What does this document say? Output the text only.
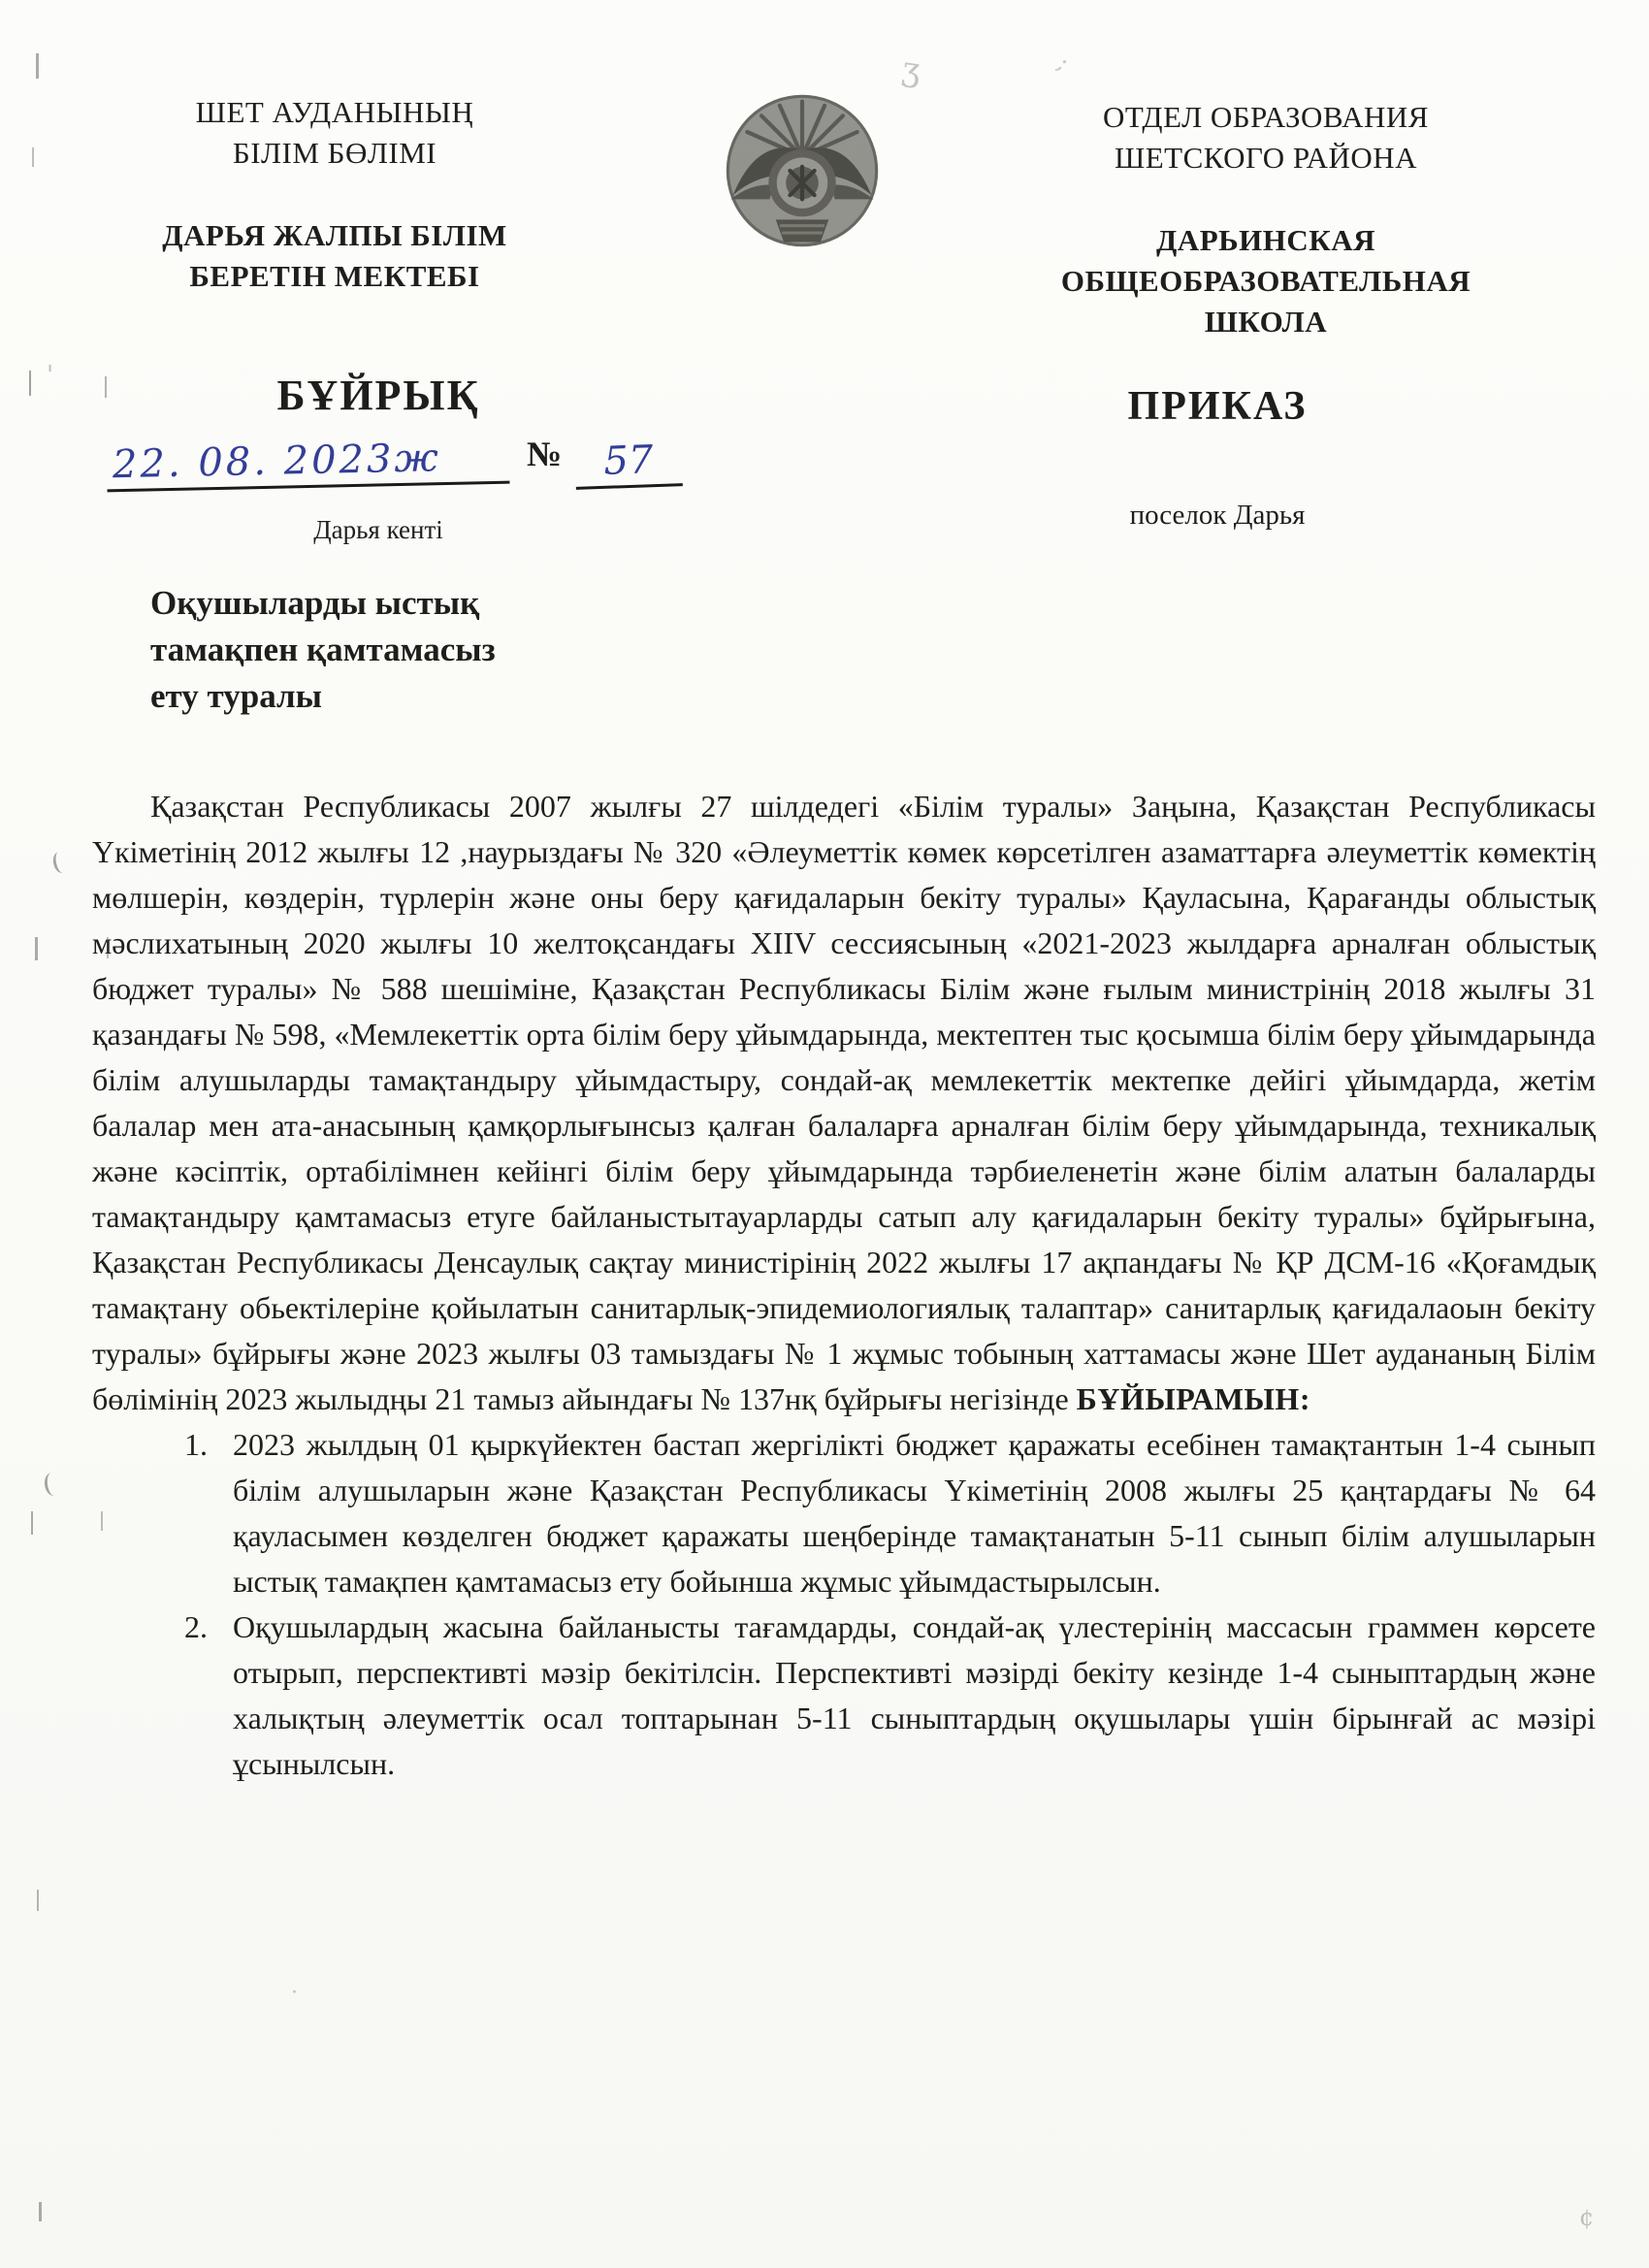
ШЕТ АУДАНЫНЫҢ
БІЛІМ БӨЛІМІ
ДАРЬЯ ЖАЛПЫ БІЛІМ
БЕРЕТІН МЕКТЕБІ
ОТДЕЛ ОБРАЗОВАНИЯ
ШЕТСКОГО РАЙОНА
ДАРЬИНСКАЯ
ОБЩЕОБРАЗОВАТЕЛЬНАЯ
ШКОЛА
БҰЙРЫҚ
22. 08. 2023ж № 57
Дарья кенті
ПРИКАЗ
поселок Дарья
Оқушыларды ыстық
тамақпен қамтамасыз
ету туралы

Қазақстан Республикасы 2007 жылғы 27 шілдедегі «Білім туралы» Заңына, Қазақстан Республикасы Үкіметінің 2012 жылғы 12 ,наурыздағы № 320 «Әлеуметтік көмек көрсетілген азаматтарға әлеуметтік көмектің мөлшерін, көздерін, түрлерін және оны беру қағидаларын бекіту туралы» Қауласына, Қарағанды облыстық мәслихатының 2020 жылғы 10 желтоқсандағы XIIV сессиясының «2021-2023 жылдарға арналған облыстық бюджет туралы» № 588 шешіміне, Қазақстан Республикасы Білім және ғылым министрінің 2018 жылғы 31 қазандағы № 598, «Мемлекеттік орта білім беру ұйымдарында, мектептен тыс қосымша білім беру ұйымдарында білім алушыларды тамақтандыру ұйымдастыру, сондай-ақ мемлекеттік мектепке дейігі ұйымдарда, жетім балалар мен ата-анасының қамқорлығынсыз қалған балаларға арналған білім беру ұйымдарында, техникалық және кәсіптік, ортабілімнен кейінгі білім беру ұйымдарында тәрбиеленетін және білім алатын балаларды тамақтандыру қамтамасыз етуге байланыстытауарларды сатып алу қағидаларын бекіту туралы» бұйрығына, Қазақстан Республикасы Денсаулық сақтау министірінің 2022 жылғы 17 ақпандағы № ҚР ДСМ-16 «Қоғамдық тамақтану обьектілеріне қойылатын санитарлық-эпидемиологиялық талаптар» санитарлық қағидалаоын бекіту туралы» бұйрығы және 2023 жылғы 03 тамыздағы № 1 жұмыс тобының хаттамасы және Шет аудананың Білім бөлімінің 2023 жылыдңы 21 тамыз айындағы № 137нқ бұйрығы негізінде БҰЙЫРАМЫН:

1. 2023 жылдың 01 қыркүйектен бастап жергілікті бюджет қаражаты есебінен тамақтантын 1-4 сынып білім алушыларын және Қазақстан Республикасы Үкіметінің 2008 жылғы 25 қаңтардағы № 64 қауласымен көзделген бюджет қаражаты шеңберінде тамақтанатын 5-11 сынып білім алушыларын ыстық тамақпен қамтамасыз ету бойынша жұмыс ұйымдастырылсын.
2. Оқушылардың жасына байланысты тағамдарды, сондай-ақ үлестерінің массасын граммен көрсете отырып, перспективті мәзір бекітілсін. Перспективті мәзірді бекіту кезінде 1-4 сыныптардың және халықтың әлеуметтік осал топтарынан 5-11 сыныптардың оқушылары үшін бірынғай ас мәзірі ұсынылсын.
'
ʒ	;
·
¢
